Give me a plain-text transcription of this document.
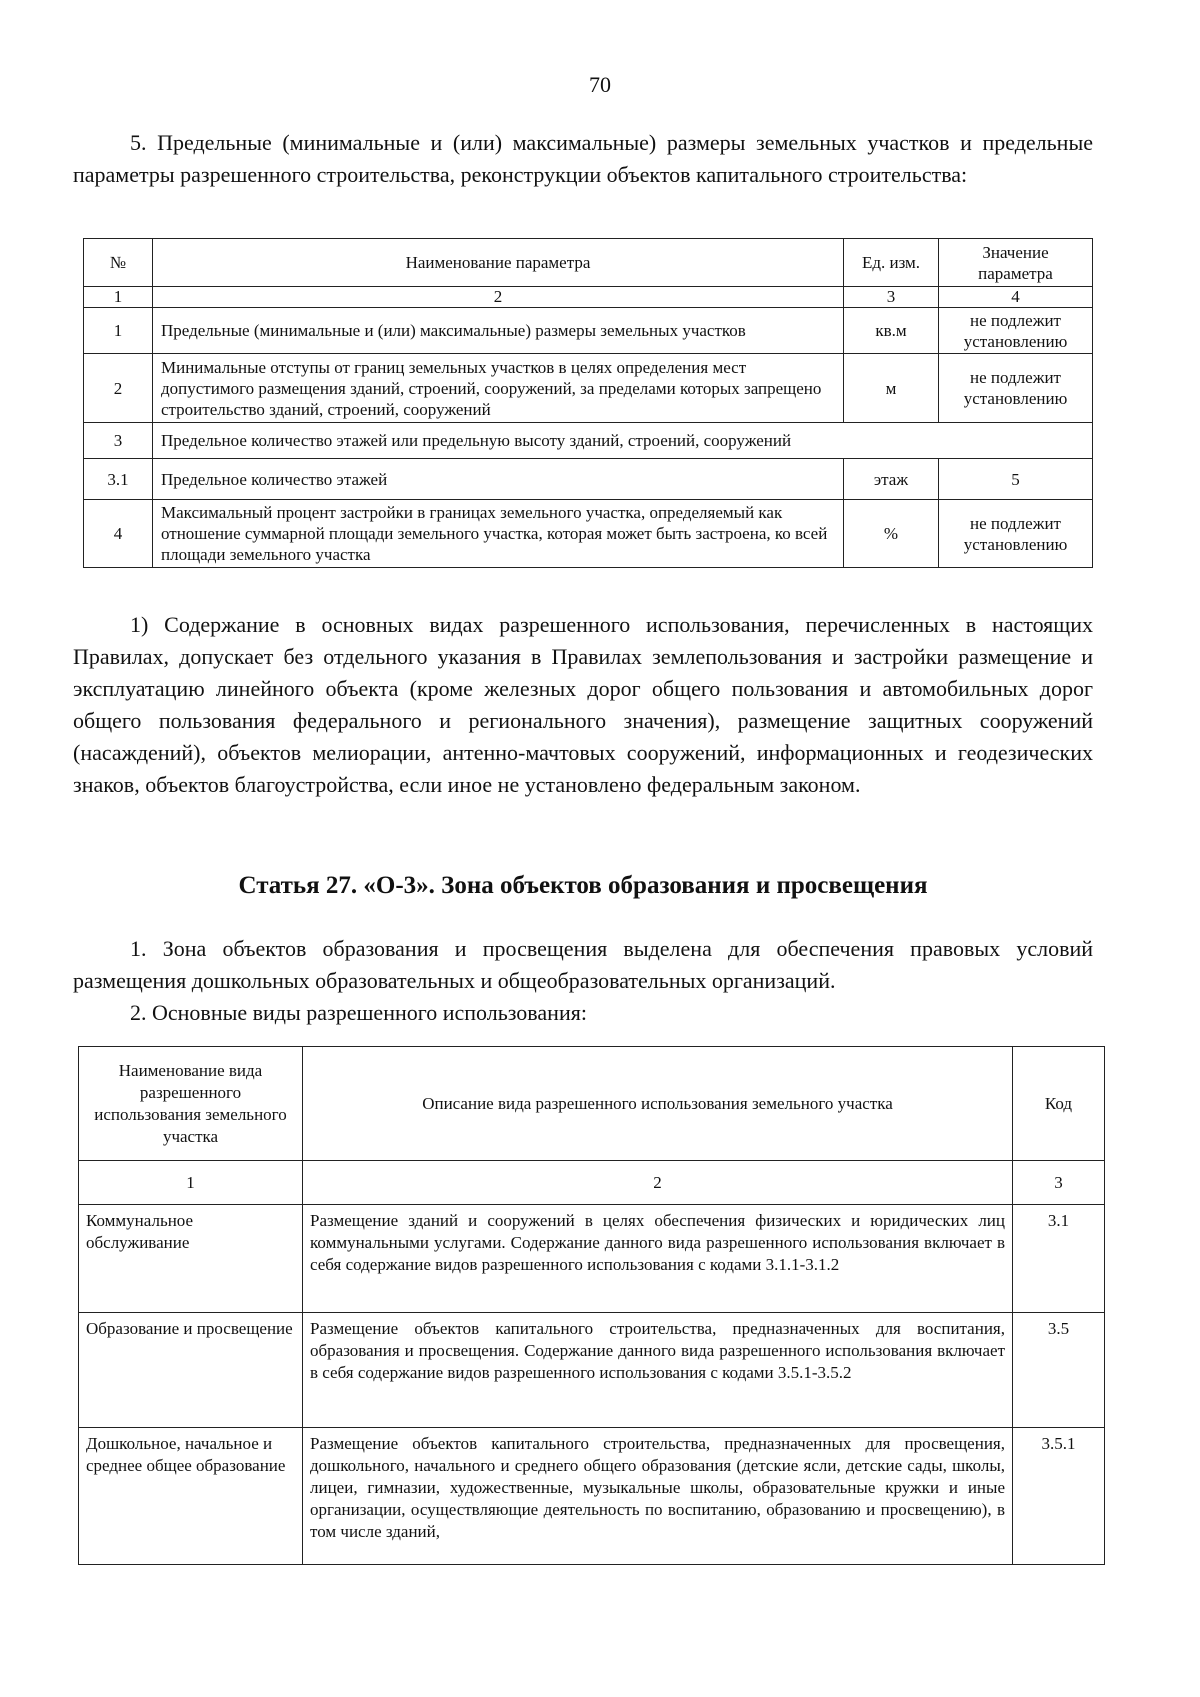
70

5. Предельные (минимальные и (или) максимальные) размеры земельных участков и предельные параметры разрешенного строительства, реконструкции объектов капитального строительства:

№	Наименование параметра	Ед. изм.	Значение параметра
1	2	3	4
1	Предельные (минимальные и (или) максимальные) размеры земельных участков	кв.м	не подлежит установлению
2	Минимальные отступы от границ земельных участков в целях определения мест допустимого размещения зданий, строений, сооружений, за пределами которых запрещено строительство зданий, строений, сооружений	м	не подлежит установлению
3	Предельное количество этажей или предельную высоту зданий, строений, сооружений		
3.1	Предельное количество этажей	этаж	5
4	Максимальный процент застройки в границах земельного участка, определяемый как отношение суммарной площади земельного участка, которая может быть застроена, ко всей площади земельного участка	%	не подлежит установлению

1) Содержание в основных видах разрешенного использования, перечисленных в настоящих Правилах, допускает без отдельного указания в Правилах землепользования и застройки размещение и эксплуатацию линейного объекта (кроме железных дорог общего пользования и автомобильных дорог общего пользования федерального и регионального значения), размещение защитных сооружений (насаждений), объектов мелиорации, антенно-мачтовых сооружений, информационных и геодезических знаков, объектов благоустройства, если иное не установлено федеральным законом.

Статья 27. «О-3». Зона объектов образования и просвещения

1. Зона объектов образования и просвещения выделена для обеспечения правовых условий размещения дошкольных образовательных и общеобразовательных организаций.

2. Основные виды разрешенного использования:

Наименование вида разрешенного использования земельного участка	Описание вида разрешенного использования земельного участка	Код
1	2	3
Коммунальное обслуживание	Размещение зданий и сооружений в целях обеспечения физических и юридических лиц коммунальными услугами. Содержание данного вида разрешенного использования включает в себя содержание видов разрешенного использования с кодами 3.1.1-3.1.2	3.1
Образование и просвещение	Размещение объектов капитального строительства, предназначенных для воспитания, образования и просвещения. Содержание данного вида разрешенного использования включает в себя содержание видов разрешенного использования с кодами 3.5.1-3.5.2	3.5
Дошкольное, начальное и среднее общее образование	Размещение объектов капитального строительства, предназначенных для просвещения, дошкольного, начального и среднего общего образования (детские ясли, детские сады, школы, лицеи, гимназии, художественные, музыкальные школы, образовательные кружки и иные организации, осуществляющие деятельность по воспитанию, образованию и просвещению), в том числе зданий,	3.5.1
